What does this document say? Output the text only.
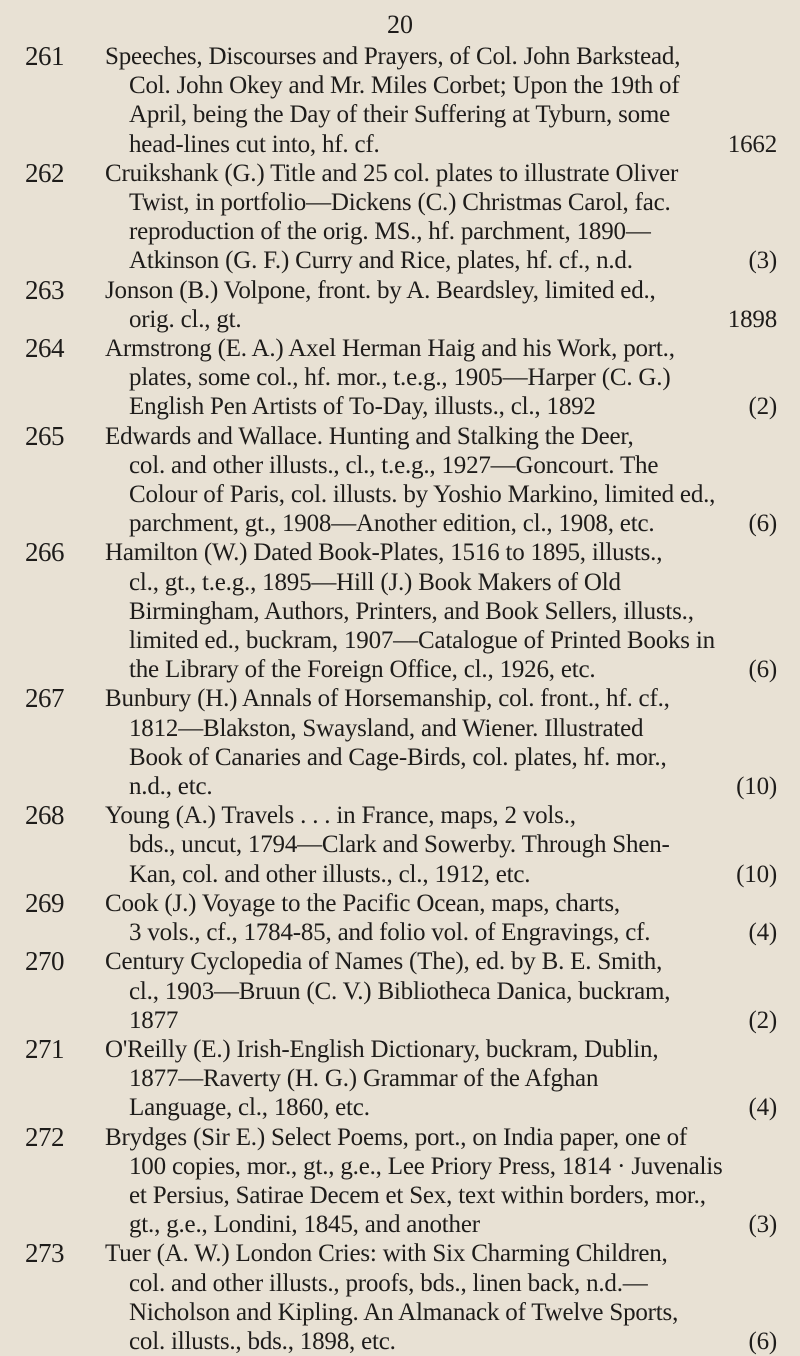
20
261 Speeches, Discourses and Prayers, of Col. John Barkstead,
Col. John Okey and Mr. Miles Corbet; Upon the 19th of
April, being the Day of their Suffering at Tyburn, some
head-lines cut into, hf. cf.	1662
262 Cruikshank (G.) Title and 25 col. plates to illustrate Oliver
Twist, in portfolio—Dickens (C.) Christmas Carol, fac.
reproduction of the orig. MS., hf. parchment, 1890—
Atkinson (G. F.) Curry and Rice, plates, hf. cf., n.d.	(3)
263 Jonson (B.) Volpone, front. by A. Beardsley, limited ed.,
orig. cl., gt.	1898
264 Armstrong (E. A.) Axel Herman Haig and his Work, port.,
plates, some col., hf. mor., t.e.g., 1905—Harper (C. G.)
English Pen Artists of To-Day, illusts., cl., 1892	(2)
265 Edwards and Wallace. Hunting and Stalking the Deer,
col. and other illusts., cl., t.e.g., 1927—Goncourt. The
Colour of Paris, col. illusts. by Yoshio Markino, limited ed.,
parchment, gt., 1908—Another edition, cl., 1908, etc.	(6)
266 Hamilton (W.) Dated Book-Plates, 1516 to 1895, illusts.,
cl., gt., t.e.g., 1895—Hill (J.) Book Makers of Old
Birmingham, Authors, Printers, and Book Sellers, illusts.,
limited ed., buckram, 1907—Catalogue of Printed Books in
the Library of the Foreign Office, cl., 1926, etc.	(6)
267 Bunbury (H.) Annals of Horsemanship, col. front., hf. cf.,
1812—Blakston, Swaysland, and Wiener. Illustrated
Book of Canaries and Cage-Birds, col. plates, hf. mor.,
n.d., etc.	(10)
268 Young (A.) Travels . . . in France, maps, 2 vols.,
bds., uncut, 1794—Clark and Sowerby. Through Shen-
Kan, col. and other illusts., cl., 1912, etc.	(10)
269 Cook (J.) Voyage to the Pacific Ocean, maps, charts,
3 vols., cf., 1784-85, and folio vol. of Engravings, cf.	(4)
270 Century Cyclopedia of Names (The), ed. by B. E. Smith,
cl., 1903—Bruun (C. V.) Bibliotheca Danica, buckram,
1877	(2)
271 O'Reilly (E.) Irish-English Dictionary, buckram, Dublin,
1877—Raverty (H. G.) Grammar of the Afghan
Language, cl., 1860, etc.	(4)
272 Brydges (Sir E.) Select Poems, port., on India paper, one of
100 copies, mor., gt., g.e., Lee Priory Press, 1814 · Juvenalis
et Persius, Satirae Decem et Sex, text within borders, mor.,
gt., g.e., Londini, 1845, and another	(3)
273 Tuer (A. W.) London Cries: with Six Charming Children,
col. and other illusts., proofs, bds., linen back, n.d.—
Nicholson and Kipling. An Almanack of Twelve Sports,
col. illusts., bds., 1898, etc.	(6)
